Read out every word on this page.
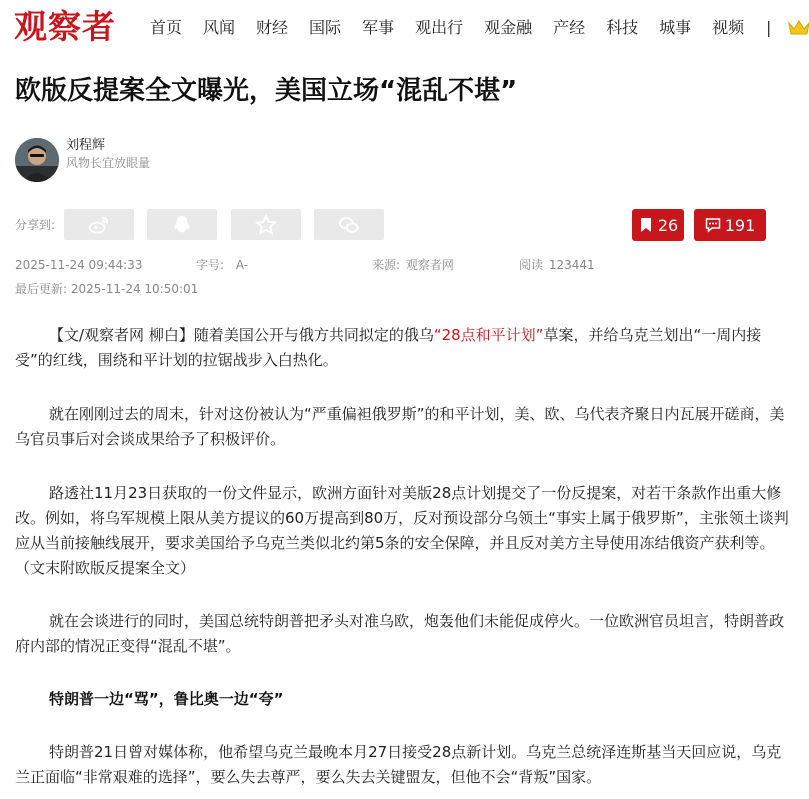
观察者 首页 风闻 财经 国际 军事 观出行 观金融 产经 科技 城事 视频 |
欧版反提案全文曝光，美国立场“混乱不堪”
刘程辉
风物长宜放眼量
分享到:	26	191
2025-11-24 09:44:33	字号: A-	来源: 观察者网	阅读 123441
最后更新: 2025-11-24 10:50:01

【文/观察者网 柳白】随着美国公开与俄方共同拟定的俄乌“28点和平计划”草案，并给乌克兰划出“一周内接受”的红线，围绕和平计划的拉锯战步入白热化。

就在刚刚过去的周末，针对这份被认为“严重偏袒俄罗斯”的和平计划，美、欧、乌代表齐聚日内瓦展开磋商，美乌官员事后对会谈成果给予了积极评价。

路透社11月23日获取的一份文件显示，欧洲方面针对美版28点计划提交了一份反提案，对若干条款作出重大修改。例如，将乌军规模上限从美方提议的60万提高到80万，反对预设部分乌领土“事实上属于俄罗斯”，主张领土谈判应从当前接触线展开，要求美国给予乌克兰类似北约第5条的安全保障，并且反对美方主导使用冻结俄资产获利等。（文末附欧版反提案全文）

就在会谈进行的同时，美国总统特朗普把矛头对准乌欧，炮轰他们未能促成停火。一位欧洲官员坦言，特朗普政府内部的情况正变得“混乱不堪”。

特朗普一边“骂”，鲁比奥一边“夸”

特朗普21日曾对媒体称，他希望乌克兰最晚本月27日接受28点新计划。乌克兰总统泽连斯基当天回应说，乌克兰正面临“非常艰难的选择”，要么失去尊严，要么失去关键盟友，但他不会“背叛”国家。
